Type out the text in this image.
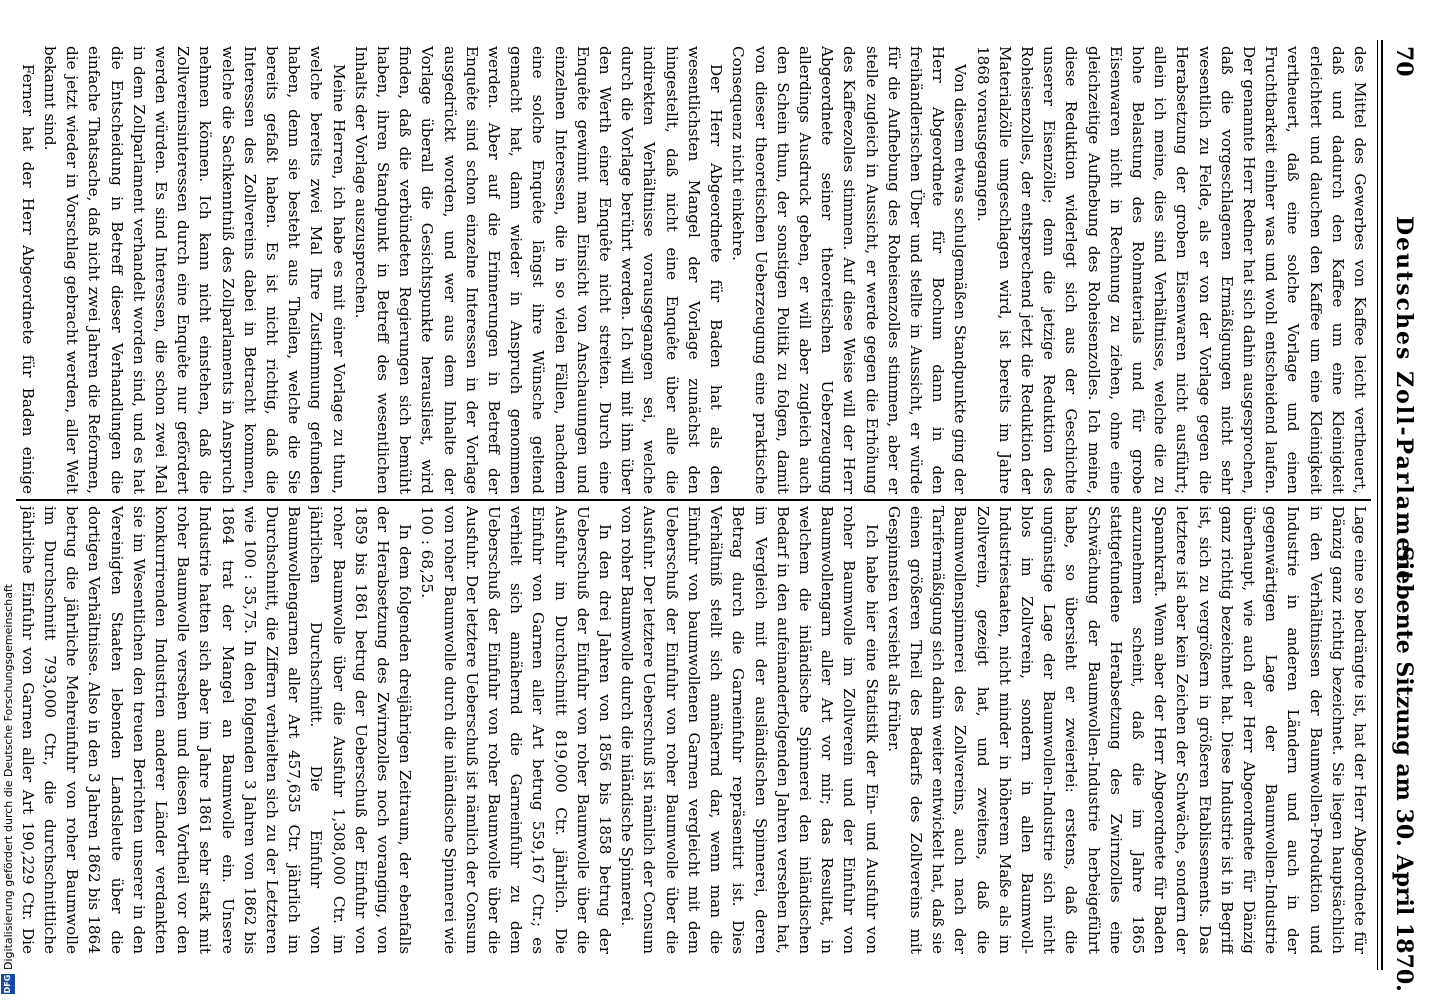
70
Deutsches Zoll-Parlament.
Siebente Sitzung am 30. April 1870.

des Mittel des Gewerbes von Kaffee leicht vertheuert, daß und dadurch den Kaffee um eine Kleinigkeit erleichtert und dauchen den Kaffee um eine Kleinigkeit vertheuert, daß eine solche Vorlage und einen Fruchtbarkeit einher was und wohl entscheidend laufen. Der genannte Herr Redner hat sich dahin ausgesprochen, daß die vorgeschlagenen Ermäßigungen nicht sehr wesentlich zu Felde, als er von der Vorlage gegen die Herabsetzung der groben Eisenwaren nicht ausführt; allein ich meine, dies sind Verhältnisse, welche die zu hohe Belastung des Rohmaterials und für grobe Eisenwaren nicht in Rechnung zu ziehen, ohne eine gleichzeitige Aufhebung des Roheisenzolles. Ich meine, diese Reduktion widerlegt sich aus der Geschichte unserer Eisenzölle; denn die jetzige Reduktion des Roheisenzolles, der entsprechend jetzt die Reduktion der Materialzölle umgeschlagen wird, ist bereits im Jahre 1868 vorausgegangen.

Von diesem etwas schulgemäßen Standpunkte ging der Herr Abgeordnete für Bochum dann in den freihändlerischen Über und stellte in Aussicht, er würde für die Aufhebung des Roheisenzolles stimmen, aber er stelle zugleich in Aussicht, er werde gegen die Erhöhung des Kaffeezolles stimmen. Auf diese Weise will der Herr Abgeordnete seiner theoretischen Ueberzeugung allerdings Ausdruck geben, er will aber zugleich auch den Schein thun, der sonstigen Politik zu folgen, damit von dieser theoretischen Ueberzeugung eine praktische Consequenz nicht einkehre.

Der Herr Abgeordnete für Baden hat als den wesentlichsten Mangel der Vorlage zunächst den hingestellt, daß nicht eine Enquête über alle die indirekten Verhältnisse vorausgegangen sei, welche durch die Vorlage berührt werden. Ich will mit ihm über den Werth einer Enquête nicht streiten. Durch eine Enquête gewinnt man Einsicht von Anschauungen und einzelnen Interessen, die in so vielen Fällen, nachdem eine solche Enquête längst ihre Wünsche geltend gemacht hat, dann wieder in Anspruch genommen werden. Aber auf die Erinnerungen in Betreff der Enquête sind schon einzelne Interessen in der Vorlage ausgedrückt worden, und wer aus dem Inhalte der Vorlage überall die Gesichtspunkte herausliest, wird finden, daß die verbündeten Regierungen sich bemüht haben, ihren Standpunkt in Betreff des wesentlichen Inhalts der Vorlage auszusprechen.

Meine Herren, ich habe es mit einer Vorlage zu thun, welche bereits zwei Mal Ihre Zustimmung gefunden haben, denn sie besteht aus Theilen, welche die Sie bereits gefaßt haben. Es ist nicht richtig, daß die Interessen des Zollvereins dabei in Betracht kommen, welche die Sachkenntniß des Zollparlaments in Anspruch nehmen können. Ich kann nicht einstehen, daß die Zollvereinsinteressen durch eine Enquête nur gefördert werden würden. Es sind Interessen, die schon zwei Mal in dem Zollparlament verhandelt worden sind, und es hat die Entscheidung in Betreff dieser Verhandlungen die einfache Thatsache, daß nicht zwei Jahren die Reformen, die jetzt wieder in Vorschlag gebracht werden, aller Welt bekannt sind.

Ferner hat der Herr Abgeordnete für Baden einige

Lage eine so bedrängte ist, hat der Herr Abgeordnete für Dänzig ganz richtig bezeichnet. Sie liegen hauptsächlich in den Verhältnissen der Baumwollen-Produktion und Industrie in anderen Ländern und auch in der gegenwärtigen Lage der Baumwollen-Industrie überhaupt, wie auch der Herr Abgeordnete für Dänzig ganz richtig bezeichnet hat. Diese Industrie ist in Begriff ist, sich zu vergrößern in größeren Etablissements. Das letztere ist aber kein Zeichen der Schwäche, sondern der Spannkraft. Wenn aber der Herr Abgeordnete für Baden anzunehmen scheint, daß die im Jahre 1865 stattgefundene Herabsetzung des Zwirnzolles eine Schwächung der Baumwollen-Industrie herbeigeführt habe, so übersieht er zweierlei: erstens, daß die ungünstige Lage der Baumwollen-Industrie sich nicht blos im Zollverein, sondern in allen Baumwoll-Industriestaaten, nicht minder in höherem Maße als im Zollverein, gezeigt hat, und zweitens, daß die Baumwollenspinnerei des Zollvereins, auch nach der Tarifermäßigung sich dahin weiter entwickelt hat, daß sie einen größeren Theil des Bedarfs des Zollvereins mit Gespinnsten versieht als früher.

Ich habe hier eine Statistik der Ein- und Ausfuhr von roher Baumwolle im Zollverein und der Einfuhr von Baumwollengarn aller Art vor mir; das Resultat, in welchem die inländische Spinnerei den inländischen Bedarf in den aufeinanderfolgenden Jahren versehen hat, im Vergleich mit der ausländischen Spinnerei, deren Betrag durch die Garneinfuhr repräsentirt ist. Dies Verhältniß stellt sich annähernd dar, wenn man die Einfuhr von baumwollenen Garnen vergleicht mit dem Ueberschuß der Einfuhr von roher Baumwolle über die Ausfuhr. Der letztere Ueberschuß ist nämlich der Consum von roher Baumwolle durch die inländische Spinnerei.

In den drei Jahren von 1856 bis 1858 betrug der Ueberschuß der Einfuhr von roher Baumwolle über die Ausfuhr im Durchschnitt 819,000 Ctr. jährlich. Die Einfuhr von Garnen aller Art betrug 559,167 Ctr.; es verhielt sich annähernd die Garneinfuhr zu dem Ueberschuß der Einfuhr von roher Baumwolle über die Ausfuhr. Der letztere Ueberschuß ist nämlich der Consum von roher Baumwolle durch die inländische Spinnerei wie 100 : 68,25.

In dem folgenden dreijährigen Zeitraum, der ebenfalls der Herabsetzung des Zwirnzolles noch voranging, von 1859 bis 1861 betrug der Ueberschuß der Einfuhr von roher Baumwolle über die Ausfuhr 1,308,000 Ctr. im jährlichen Durchschnitt. Die Einfuhr von Baumwollengarnen aller Art 457,635 Ctr. jährlich im Durchschnitt, die Ziffern verhielten sich zu der Letzteren wie 100 : 35,75. In den folgenden 3 Jahren von 1862 bis 1864 trat der Mangel an Baumwolle ein. Unsere Industrie hatten sich aber im Jahre 1861 sehr stark mit roher Baumwolle versehen und diesen Vortheil vor den konkurrirenden Industrien anderer Länder verdankten sie im Wesentlichen den treuen Berichten unserer in den Vereinigten Staaten lebenden Landsleute über die dortigen Verhältnisse. Also in den 3 Jahren 1862 bis 1864 betrug die jährliche Mehreinfuhr von roher Baumwolle im Durchschnitt 793,000 Ctr., die durchschnittliche jährliche Einfuhr von Garnen aller Art 190,229 Ctr. Die

DFG
Digitalisierung gefördert durch die Deutsche Forschungsgemeinschaft
